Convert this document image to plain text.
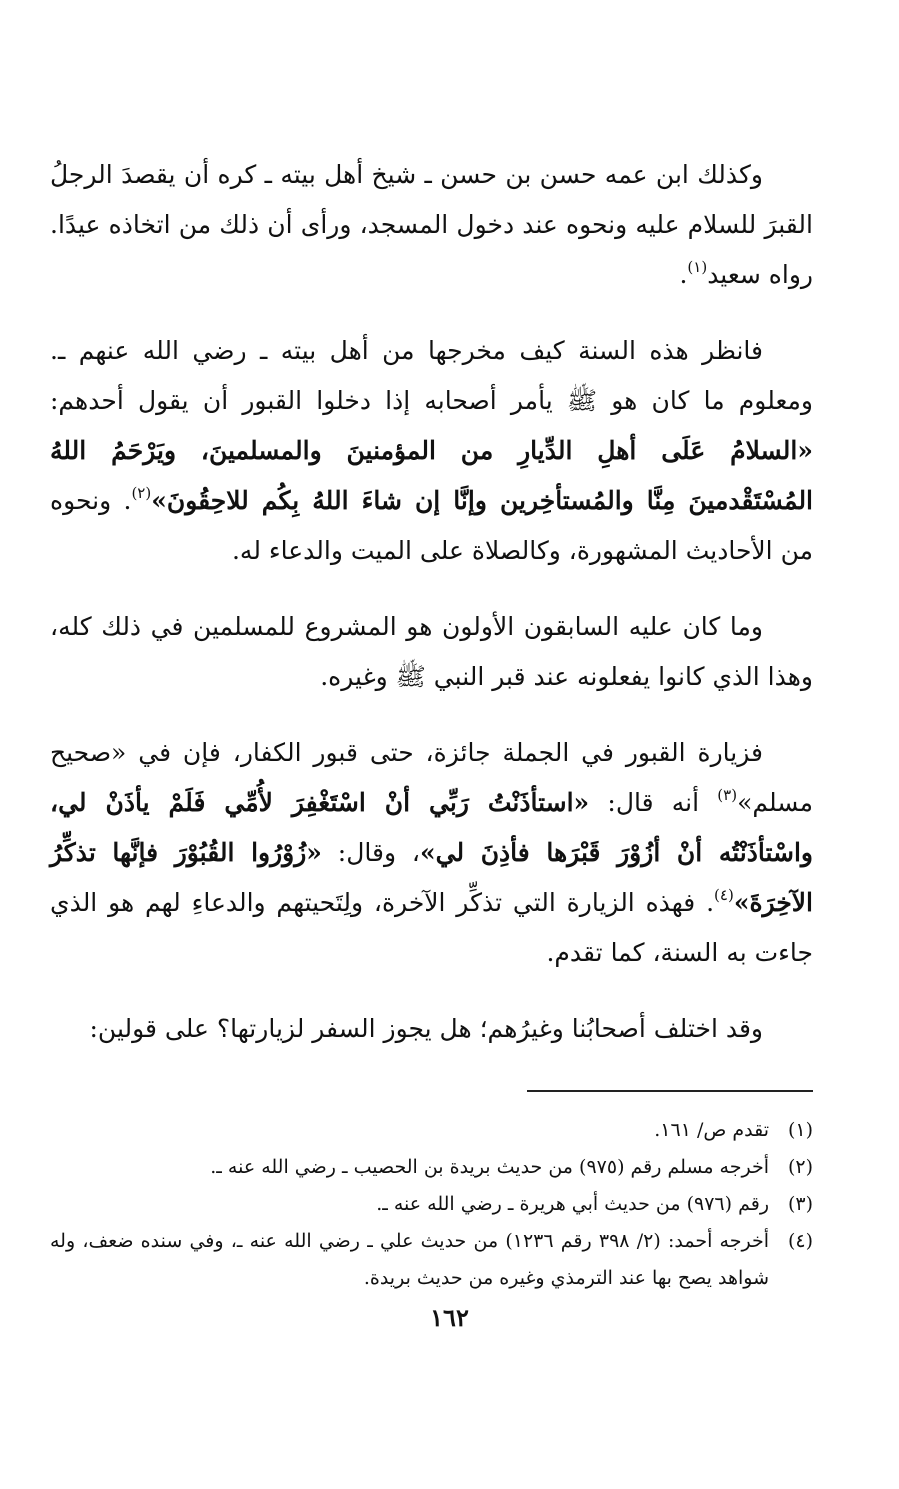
وكذلك ابن عمه حسن بن حسن ـ شيخ أهل بيته ـ كره أن يقصدَ الرجلُ القبرَ للسلام عليه ونحوه عند دخول المسجد، ورأى أن ذلك من اتخاذه عيدًا. رواه سعيد$^{(١)}$.

فانظر هذه السنة كيف مخرجها من أهل بيته ـ رضي الله عنهم ـ. ومعلوم ما كان هو ﷺ يأمر أصحابه إذا دخلوا القبور أن يقول أحدهم: «السلامُ عَلَى أهلِ الدِّيارِ من المؤمنينَ والمسلمينَ، ويَرْحَمُ اللهُ المُسْتَقْدمينَ مِنَّا والمُستأخِرين وإنَّا إن شاءَ اللهُ بِكُم للاحِقُونَ»$^{(٢)}$. ونحوه من الأحاديث المشهورة، وكالصلاة على الميت والدعاء له.

وما كان عليه السابقون الأولون هو المشروع للمسلمين في ذلك كله، وهذا الذي كانوا يفعلونه عند قبر النبي ﷺ وغيره.

فزيارة القبور في الجملة جائزة، حتى قبور الكفار، فإن في «صحيح مسلم»$^{(٣)}$ أنه قال: «استأذَنْتُ رَبِّي أنْ اسْتَغْفِرَ لأُمِّي فَلَمْ يأذَنْ لي، واسْتأذَنْتُه أنْ أزُوْرَ قَبْرَها فأذِنَ لي»، وقال: «زُوْرُوا القُبُوْرَ فإنَّها تذكِّرُ الآخِرَةَ»$^{(٤)}$. فهذه الزيارة التي تذكِّر الآخرة، ولِتَحيتهم والدعاءِ لهم هو الذي جاءت به السنة، كما تقدم.

وقد اختلف أصحابُنا وغيرُهم؛ هل يجوز السفر لزيارتها؟ على قولين:

(١)
تقدم ص/ ١٦١.
(٢)
أخرجه مسلم رقم (٩٧٥) من حديث بريدة بن الحصيب ـ رضي الله عنه ـ.
(٣)
رقم (٩٧٦) من حديث أبي هريرة ـ رضي الله عنه ـ.
(٤)
أخرجه أحمد: (٢/ ٣٩٨ رقم ١٢٣٦) من حديث علي ـ رضي الله عنه ـ، وفي سنده ضعف، وله شواهد يصح بها عند الترمذي وغيره من حديث بريدة.
١٦٢
